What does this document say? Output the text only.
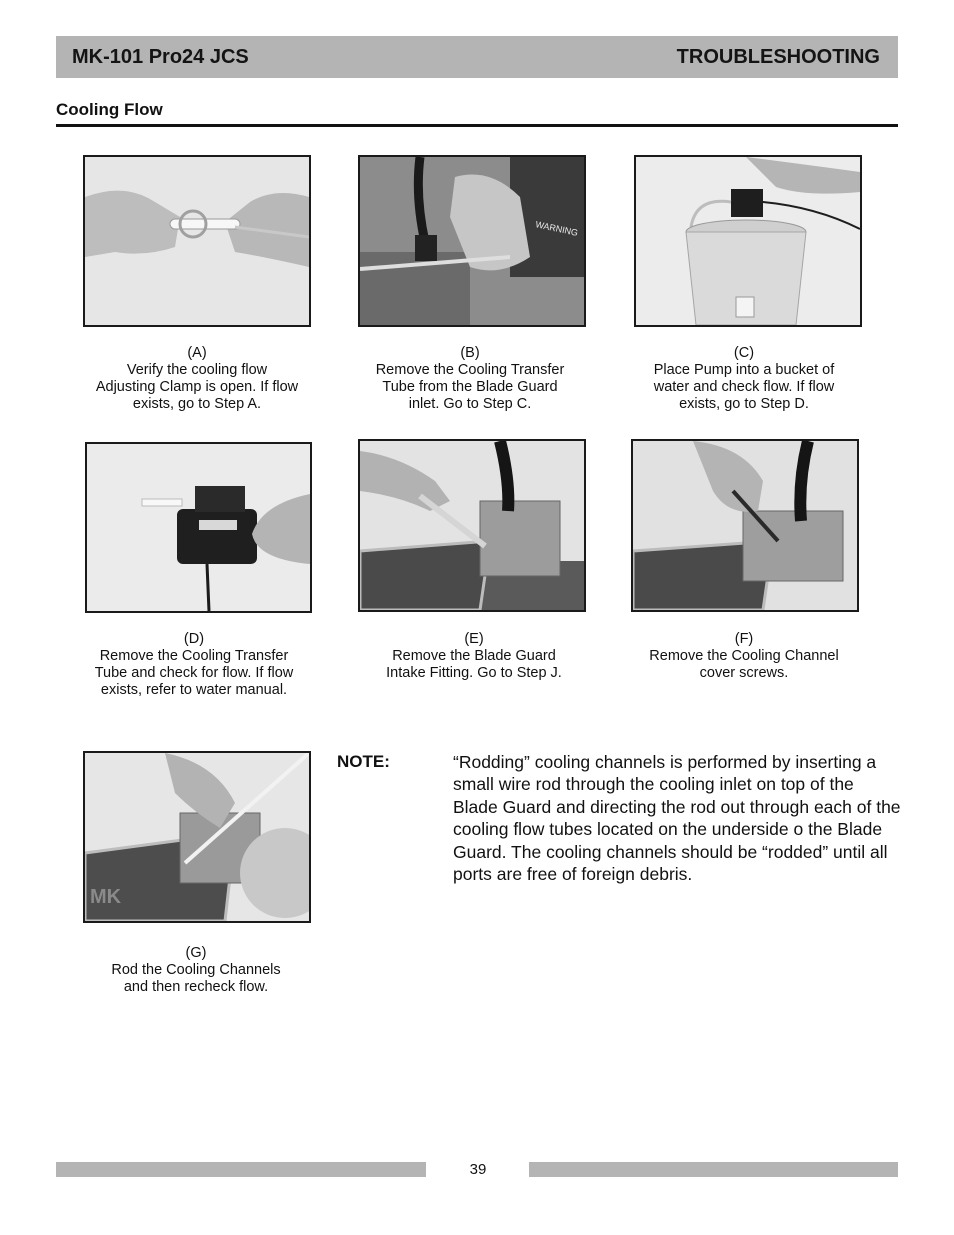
MK-101 Pro24 JCS	TROUBLESHOOTING
Cooling Flow
WARNING
(A)
Verify the cooling flow
Adjusting Clamp is open. If flow
exists, go to Step A.
(B)
Remove the Cooling Transfer
Tube from the Blade Guard
inlet. Go to Step C.
(C)
Place Pump into a bucket of
water and check flow. If flow
exists, go to Step D.
(D)
Remove the Cooling Transfer
Tube and check for flow. If flow
exists, refer to water manual.
(E)
Remove the Blade Guard
Intake Fitting. Go to Step J.
(F)
Remove the Cooling Channel
cover screws.
MK
(G)
Rod the Cooling Channels
and then recheck flow.
NOTE:	“Rodding” cooling channels is performed by inserting a small wire rod through the cooling inlet on top of the Blade Guard and directing the rod out through each of the cooling flow tubes located on the underside o the Blade Guard. The cooling channels should be “rodded” until all ports are free of foreign debris.
39
